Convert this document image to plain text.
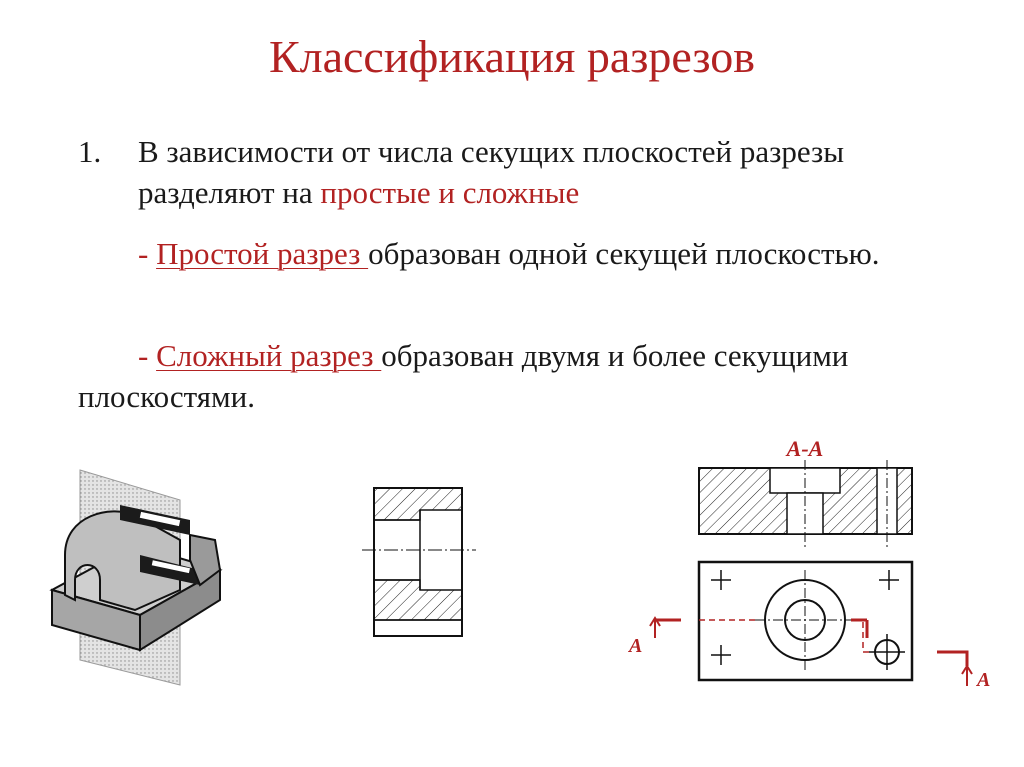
Классификация разрезов
1. В зависимости от числа секущих плоскостей разрезы разделяют на простые и сложные
- Простой разрез образован одной секущей плоскостью.
- Сложный разрез образован двумя и более секущими плоскостями.
А-А
А
А
